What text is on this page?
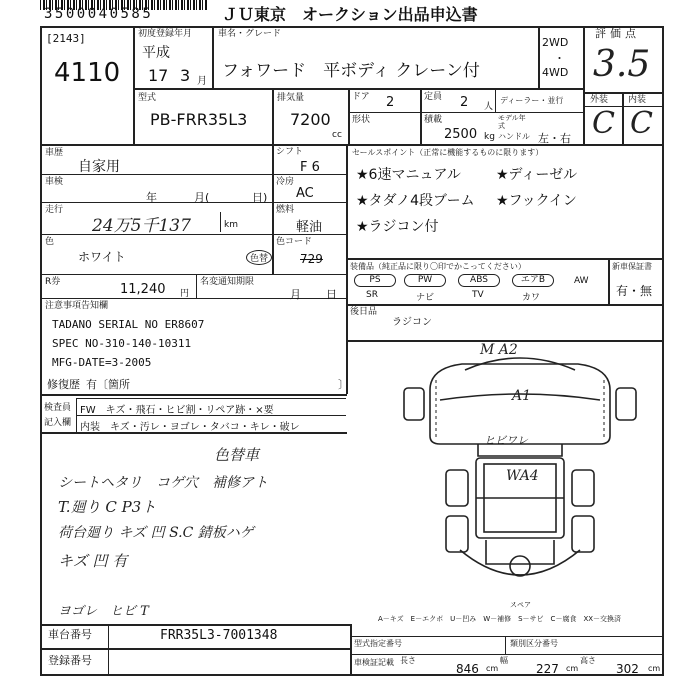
3500040585	ＪＵ東京　オークション出品申込書
[2143]
4110
初度登録年月
平成
17 3 月
車名・グレード
フォワード　平ボディ クレーン付
2WD
・
4WD
評価点
3.5
型式
PB-FRR35L3
排気量
7200
cc
ドア 2	定員 2 人
ディーラー・並行
形状	積載
2500 kg
モデル年式
ハンドル 左・右
外装 内装
C C
車歴
自家用
シフト
F 6
車検
年	月(	日)
冷房
AC
走行
24万5千137	km
燃料
軽油
色
ホワイト	色替
色コード
729
R券	11,240 円
名変通知期限
月 日
注意事項告知欄
TADANO SERIAL NO ER8607
SPEC NO-310-140-10311
MFG-DATE=3-2005
修復歴 有〔箇所	〕
検査員
記入欄
FW　キズ・飛石・ヒビ割・リペア跡・×要
内装　キズ・汚レ・ヨゴレ・タバコ・キレ・破レ
色替車
シートヘタリ　コゲ穴　補修アト
T.廻り C P3ト
荷台廻り キズ 凹 S.C 錆板ハゲ
キズ 凹 有
ヨゴレ　ヒビ T
セールスポイント（正常に機能するものに限ります）
★6速マニュアル	★ディーゼル
★タダノ4段ブーム ★フックイン
★ラジコン付
装備品（純正品に限り〇印でかこってください）
PS	PW	ABS	エアB	AW
SR	ナビ	TV	カワ
新車保証書
有・無
後日品
ラジコン
M A2
A1
ヒビワレ
WA4
スペア
A－キズ　E－エクボ　U－凹み　W－補修　S－サビ　C－腐食　XX－交換済
車台番号	FRR35L3-7001348
登録番号
型式指定番号	類別区分番号
車検証記載 長さ
846 cm
幅
227 cm
高さ
302 cm
